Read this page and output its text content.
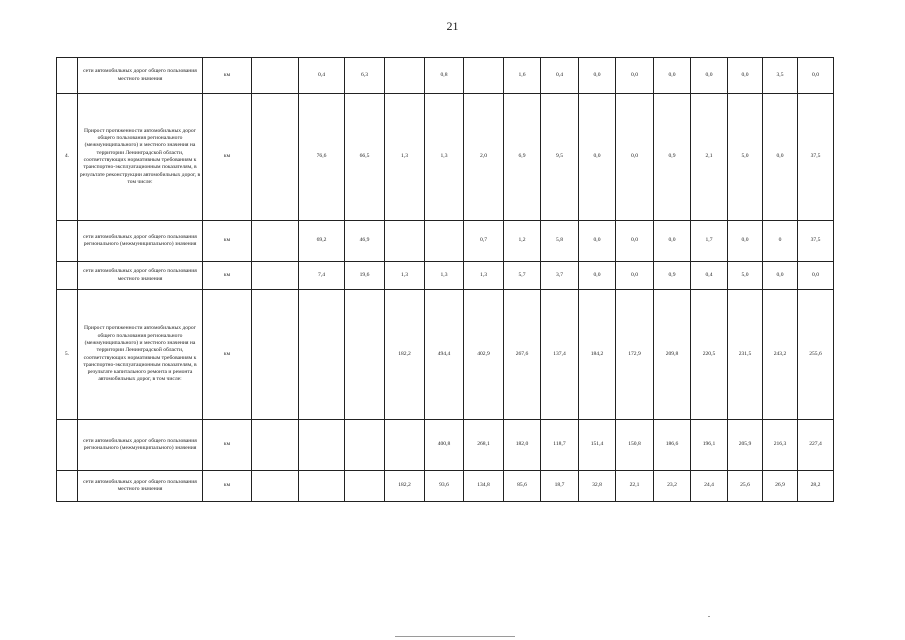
21
	сети автомобильных дорог общего пользования местного значения	км		0,4	6,3		0,8		1,6	0,4	0,0	0,0	0,0	0,0	0,0	3,5	0,0
4.	Прирост протяженности автомобильных дорог общего пользования регионального (межмуниципального) и местного значения на территории Ленинградской области, соответствующих нормативным требованиям к транспортно-эксплуатационным показателям, в результате реконструкции автомобильных дорог, в том числе:	км		76,6	66,5	1,3	1,3	2,0	6,9	9,5	0,0	0,0	0,9	2,1	5,0	0,0	37,5
	сети автомобильных дорог общего пользования регионального (межмуниципального) значения	км		69,2	46,9			0,7	1,2	5,8	0,0	0,0	0,0	1,7	0,0	0	37,5
	сети автомобильных дорог общего пользования местного значения	км		7,4	19,6	1,3	1,3	1,3	5,7	3,7	0,0	0,0	0,9	0,4	5,0	0,0	0,0
5.	Прирост протяженности автомобильных дорог общего пользования регионального (межмуниципального) и местного значения на территории Ленинградской области, соответствующих нормативным требованиям к транспортно-эксплуатационным показателям, в результате капитального ремонта и ремонта автомобильных дорог, в том числе:	км				182,2	494,4	402,9	267,6	137,4	184,2	172,9	209,8	220,5	231,5	243,2	255,6
	сети автомобильных дорог общего пользования регионального (межмуниципального) значения	км					400,8	268,1	182,0	118,7	151,4	150,8	186,6	196,1	205,9	216,3	227,4
	сети автомобильных дорог общего пользования местного значения	км				182,2	93,6	134,8	85,6	18,7	32,8	22,1	23,2	24,4	25,6	26,9	28,2
